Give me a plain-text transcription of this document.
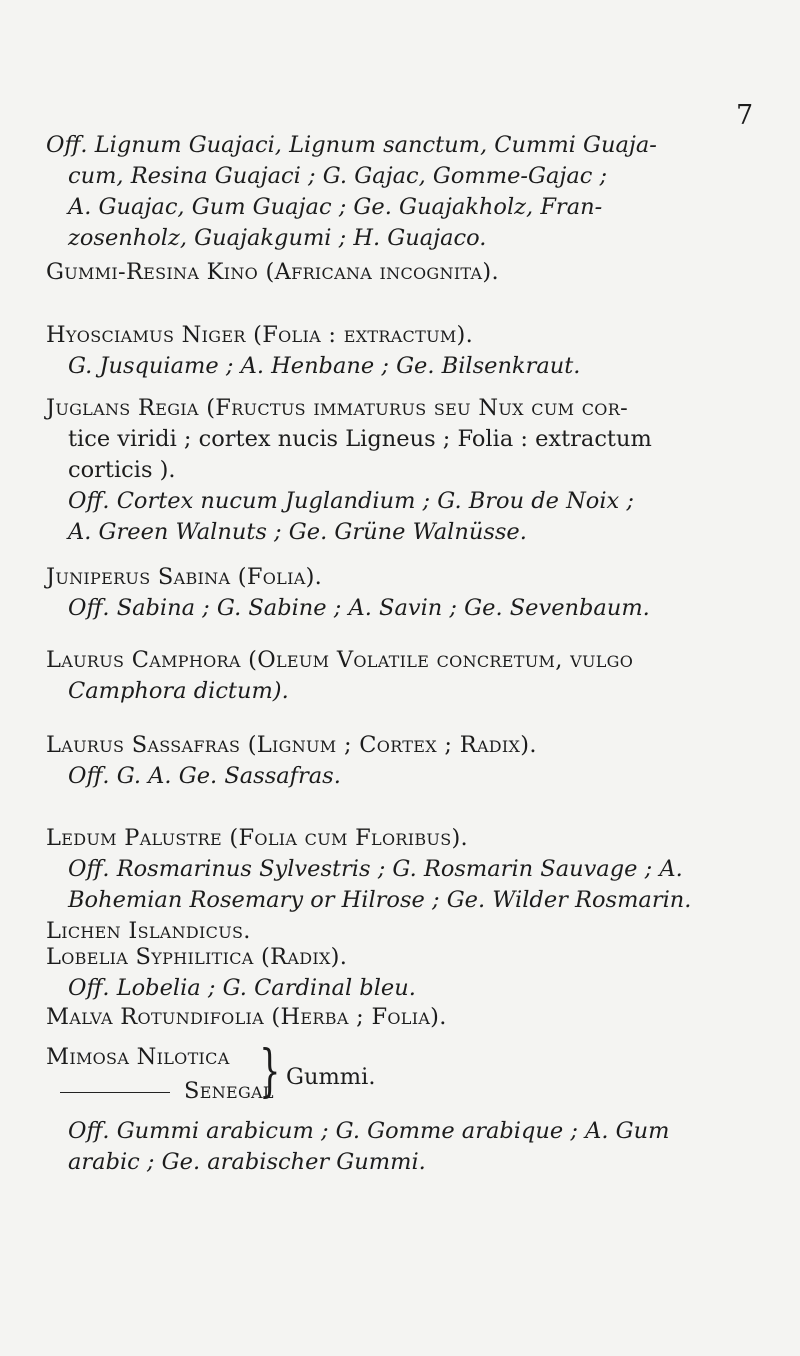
7
Off. Lignum Guajaci, Lignum sanctum, Cummi Guaja-
cum, Resina Guajaci ; G. Gajac, Gomme-Gajac ;
A. Guajac, Gum Guajac ; Ge. Guajakholz, Fran-
zosenholz, Guajakgumi ; H. Guajaco.
Gummi-Resina Kino (Africana incognita).
Hyosciamus Niger (Folia : extractum).
G. Jusquiame ; A. Henbane ; Ge. Bilsenkraut.
Juglans Regia (Fructus immaturus seu Nux cum cor-
tice viridi ; cortex nucis Ligneus ; Folia : extractum
corticis ).
Off. Cortex nucum Juglandium ; G. Brou de Noix ;
A. Green Walnuts ; Ge. Grüne Walnüsse.
Juniperus Sabina (Folia).
Off. Sabina ; G. Sabine ; A. Savin ; Ge. Sevenbaum.
Laurus Camphora (Oleum Volatile concretum, vulgo
Camphora dictum).
Laurus Sassafras (Lignum ; Cortex ; Radix).
Off. G. A. Ge. Sassafras.
Ledum Palustre (Folia cum Floribus).
Off. Rosmarinus Sylvestris ; G. Rosmarin Sauvage ; A.
Bohemian Rosemary or Hilrose ; Ge. Wilder Rosmarin.
Lichen Islandicus.
Lobelia Syphilitica (Radix).
Off. Lobelia ; G. Cardinal bleu.
Malva Rotundifolia (Herba ; Folia).
Mimosa Nilotica
Senegal
} Gummi.
Off. Gummi arabicum ; G. Gomme arabique ; A. Gum
arabic ; Ge. arabischer Gummi.
